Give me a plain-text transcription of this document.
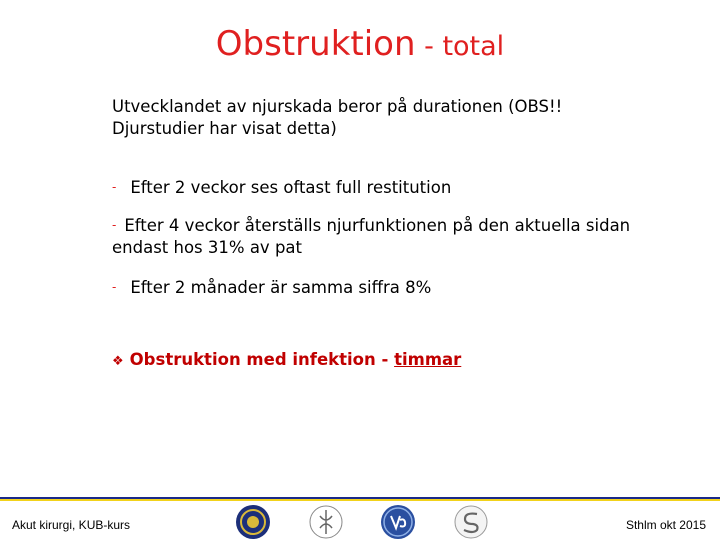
Obstruktion - total

Utvecklandet av njurskada beror på durationen (OBS!! Djurstudier har visat detta)

- Efter 2 veckor ses oftast full restitution

- Efter 4 veckor återställs njurfunktionen på den aktuella sidan endast hos 31% av pat

- Efter 2 månader är samma siffra 8%

❖ Obstruktion med infektion - timmar

Akut kirurgi, KUB-kurs	Sthlm okt 2015
